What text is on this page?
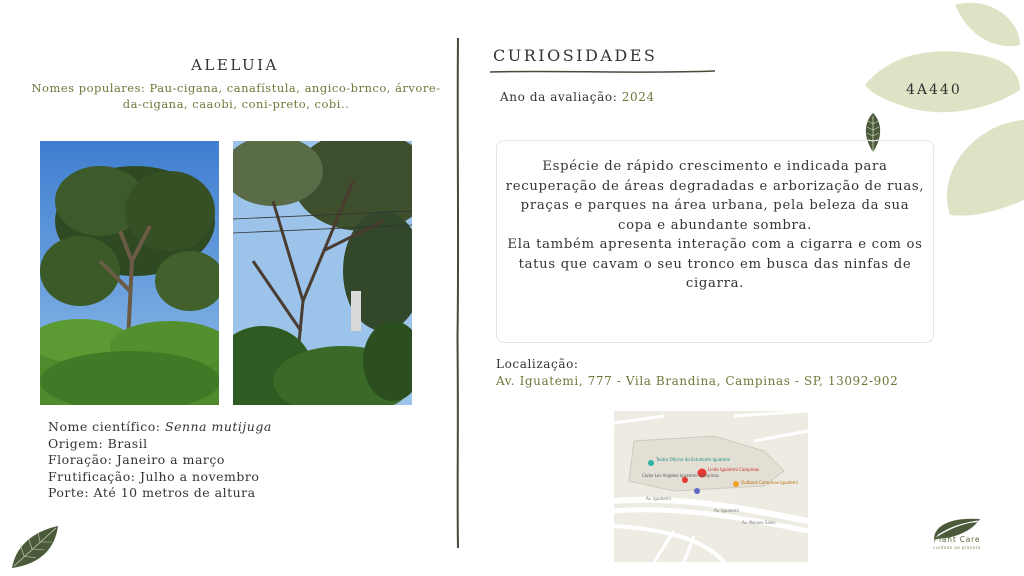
ALELUIA
Nomes populares: Pau-cigana, canafístula, angico-brnco, árvore-da-cigana, caaobi, coni-preto, cobi..
Nome científico: Senna mutijuga
Origem: Brasil
Floração: Janeiro a março
Frutificação: Julho a novembro
Porte: Até 10 metros de altura
CURIOSIDADES
Ano da avaliação: 2024
Espécie de rápido crescimento e indicada para recuperação de áreas degradadas e arborização de ruas, praças e parques na área urbana, pela beleza da sua copa e abundante sombra.
Ela também apresenta interação com a cigarra e com os tatus que cavam o seu tronco em busca das ninfas de cigarra.
Localização:
Av. Iguatemi, 777 - Vila Brandina, Campinas - SP, 13092-902
Teatro Oficina do Estudante Iguatemi
Lindo Iguatemi Campinas
Clube Los Angeles Iguatemi Campinas
Outback Campinas Iguatemi
Av. Iguatemi
Av. Iguatemi
Av. Moraes Sales
4A440
Plant Care
cuidado ao planeta
